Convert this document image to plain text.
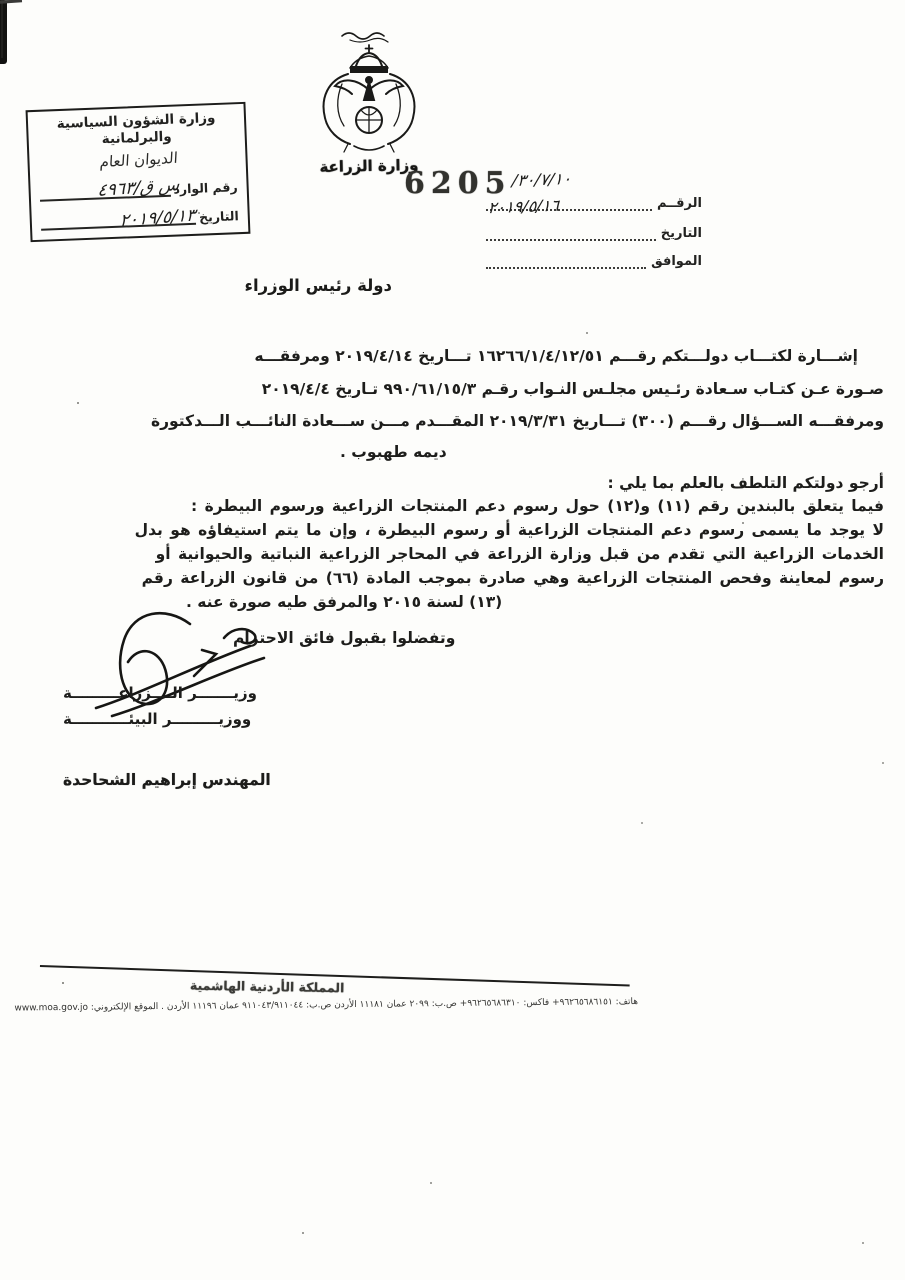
وزارة الشؤون السياسية والبرلمانية
الديوان العام
رقم الوارد
س ق/٤٩٦٣
التاريخ
٢٠١٩/٥/١٣
وزارة الزراعة
6205
الرقــم
التاريخ
الموافق
/٣٠/٧/١٠
٢٠١٩/٥/١٦
دولة رئيس الوزراء
إشـــارة لكتـــاب دولـــتكم رقـــم ١٦٢٦٦/١/٤/١٢/٥١ تـــاريخ ٢٠١٩/٤/١٤ ومرفقـــه
صـورة عـن كتـاب سـعادة رئـيس مجلـس النـواب رقـم ٩٩٠/٦١/١٥/٣ تـاريخ ٢٠١٩/٤/٤
ومرفقـــه الســـؤال رقـــم (٣٠٠) تـــاريخ ٢٠١٩/٣/٣١ المقـــدم مـــن ســـعادة النائـــب الـــدكتورة
ديمه طهبوب .
أرجو دولتكم التلطف بالعلم بما يلي :
فيما يتعلق بالبندين رقم (١١) و(١٢) حول رسوم دعم المنتجات الزراعية ورسوم البيطرة :
لا يوجد ما يسمى رسوم دعم المنتجات الزراعية أو رسوم البيطرة ، وإن ما يتم استيفاؤه هو بدل
الخدمات الزراعية التي تقدم من قبل وزارة الزراعة في المحاجر الزراعية النباتية والحيوانية أو
رسوم لمعاينة وفحص المنتجات الزراعية وهي صادرة بموجب المادة (٦٦) من قانون الزراعة رقم
(١٣) لسنة ٢٠١٥ والمرفق طيه صورة عنه .
وتفضلوا بقبول فائق الاحترام
وزيـــــــر الــــزراعـــــــــة
ووزيـــــــــر البيئـــــــــــة
المهندس إبراهيم الشحاحدة
المملكة الأردنية الهاشمية
هاتف: ٩٦٢٦٥٦٨٦١٥١+ فاكس: ٩٦٢٦٥٦٨٦٣١٠+ ص.ب: ٢٠٩٩ عمان ١١١٨١ الأردن ص.ب: ٩١١٠٤٣/٩١١٠٤٤ عمان ١١١٩٦ الأردن . الموقع الإلكتروني: www.moa.gov.jo
